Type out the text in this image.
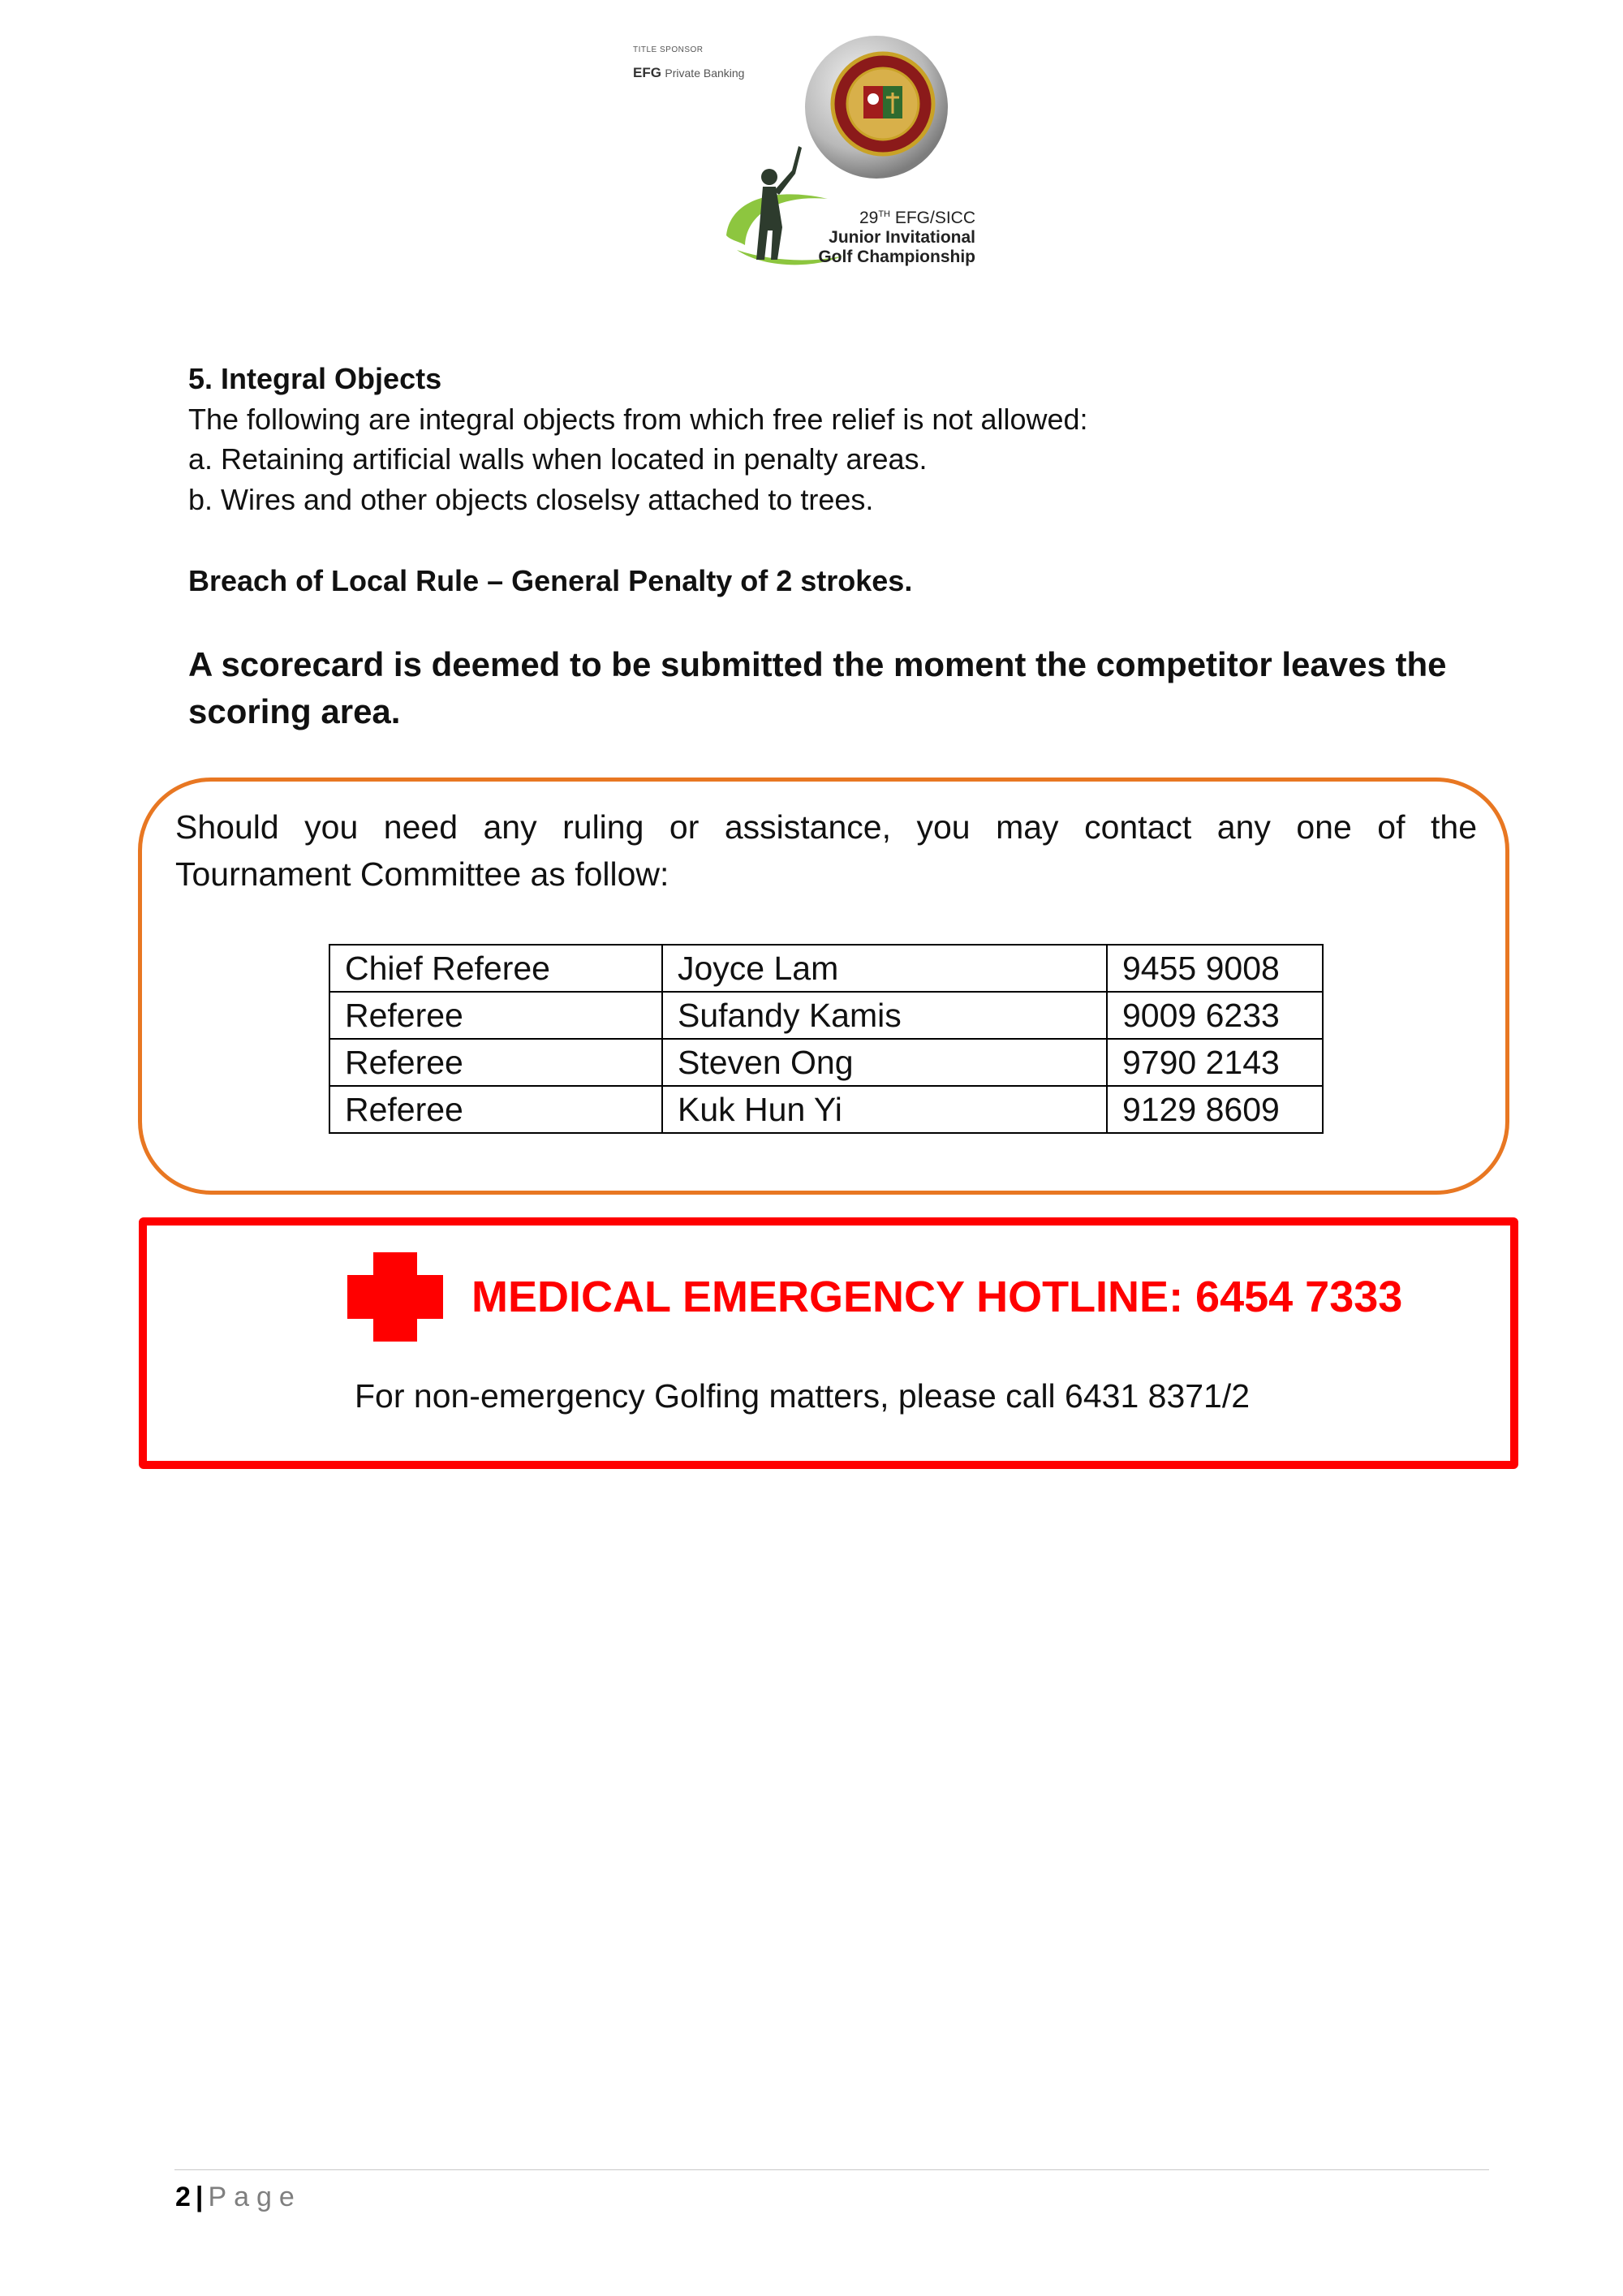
TITLE SPONSOR
EFG Private Banking
29TH EFG/SICC
Junior Invitational
Golf Championship
5. Integral Objects
The following are integral objects from which free relief is not allowed:
a. Retaining artificial walls when located in penalty areas.
b. Wires and other objects closelsy attached to trees.
Breach of Local Rule – General Penalty of 2 strokes.
A scorecard is deemed to be submitted the moment the competitor leaves the
scoring area.
Should you need any ruling or assistance, you may contact any one of the
Tournament Committee as follow:
Chief Referee	Joyce Lam	9455 9008
Referee	Sufandy Kamis	9009 6233
Referee	Steven Ong	9790 2143
Referee	Kuk Hun Yi	9129 8609
MEDICAL EMERGENCY HOTLINE: 6454 7333
For non-emergency Golfing matters, please call 6431 8371/2
2 | Page
